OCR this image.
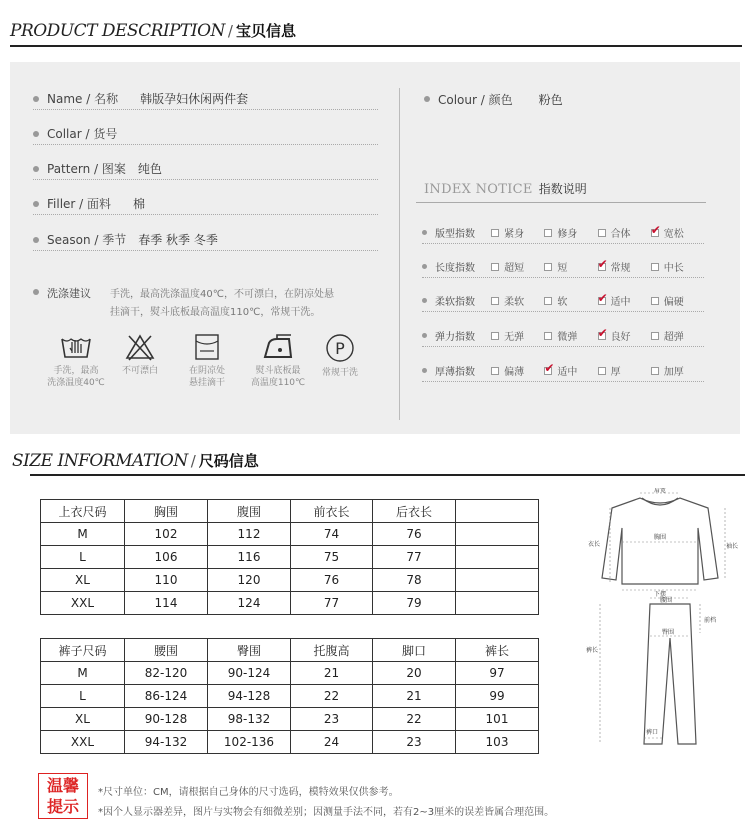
PRODUCT DESCRIPTION / 宝贝信息
Name / 名称 韩版孕妇休闲两件套
Collar / 货号
Pattern / 图案 纯色
Filler / 面料 棉
Season / 季节 春季 秋季 冬季
洗涤建议 手洗，最高洗涤温度40℃，不可漂白，在阴凉处悬
挂滴干，熨斗底板最高温度110℃，常规干洗。
手洗，最高
洗涤温度40℃
不可漂白	在阴凉处
悬挂滴干
熨斗底板最
高温度110℃
P
常规干洗
Colour / 颜色 粉色
INDEX NOTICE 指数说明
版型指数	紧身	修身	合体 ✔	宽松
长度指数	超短	短 ✔	常规	中长
柔软指数	柔软	软 ✔	适中	偏硬
弹力指数	无弹	微弹 ✔	良好	超弹
厚薄指数	偏薄 ✔	适中	厚	加厚
SIZE INFORMATION / 尺码信息
上衣尺码	胸围	腹围	前衣长	后衣长	
M	102	112	74	76	
L	106	116	75	77	
XL	110	120	76	78	
XXL	114	124	77	79	
裤子尺码	腰围	臀围	托腹高	脚口	裤长
M	82-120	90-124	21	20	97
L	86-124	94-128	22	21	99
XL	90-128	98-132	23	22	101
XXL	94-132	102-136	24	23	103
肩宽
衣长
胸围
袖长
下摆
腰围
臀围
前档
裤长
裤口
温馨
提示
*尺寸单位：CM，请根据自己身体的尺寸选码，模特效果仅供参考。
*因个人显示器差异，图片与实物会有细微差别；因测量手法不同，若有2~3厘米的误差皆属合理范围。
